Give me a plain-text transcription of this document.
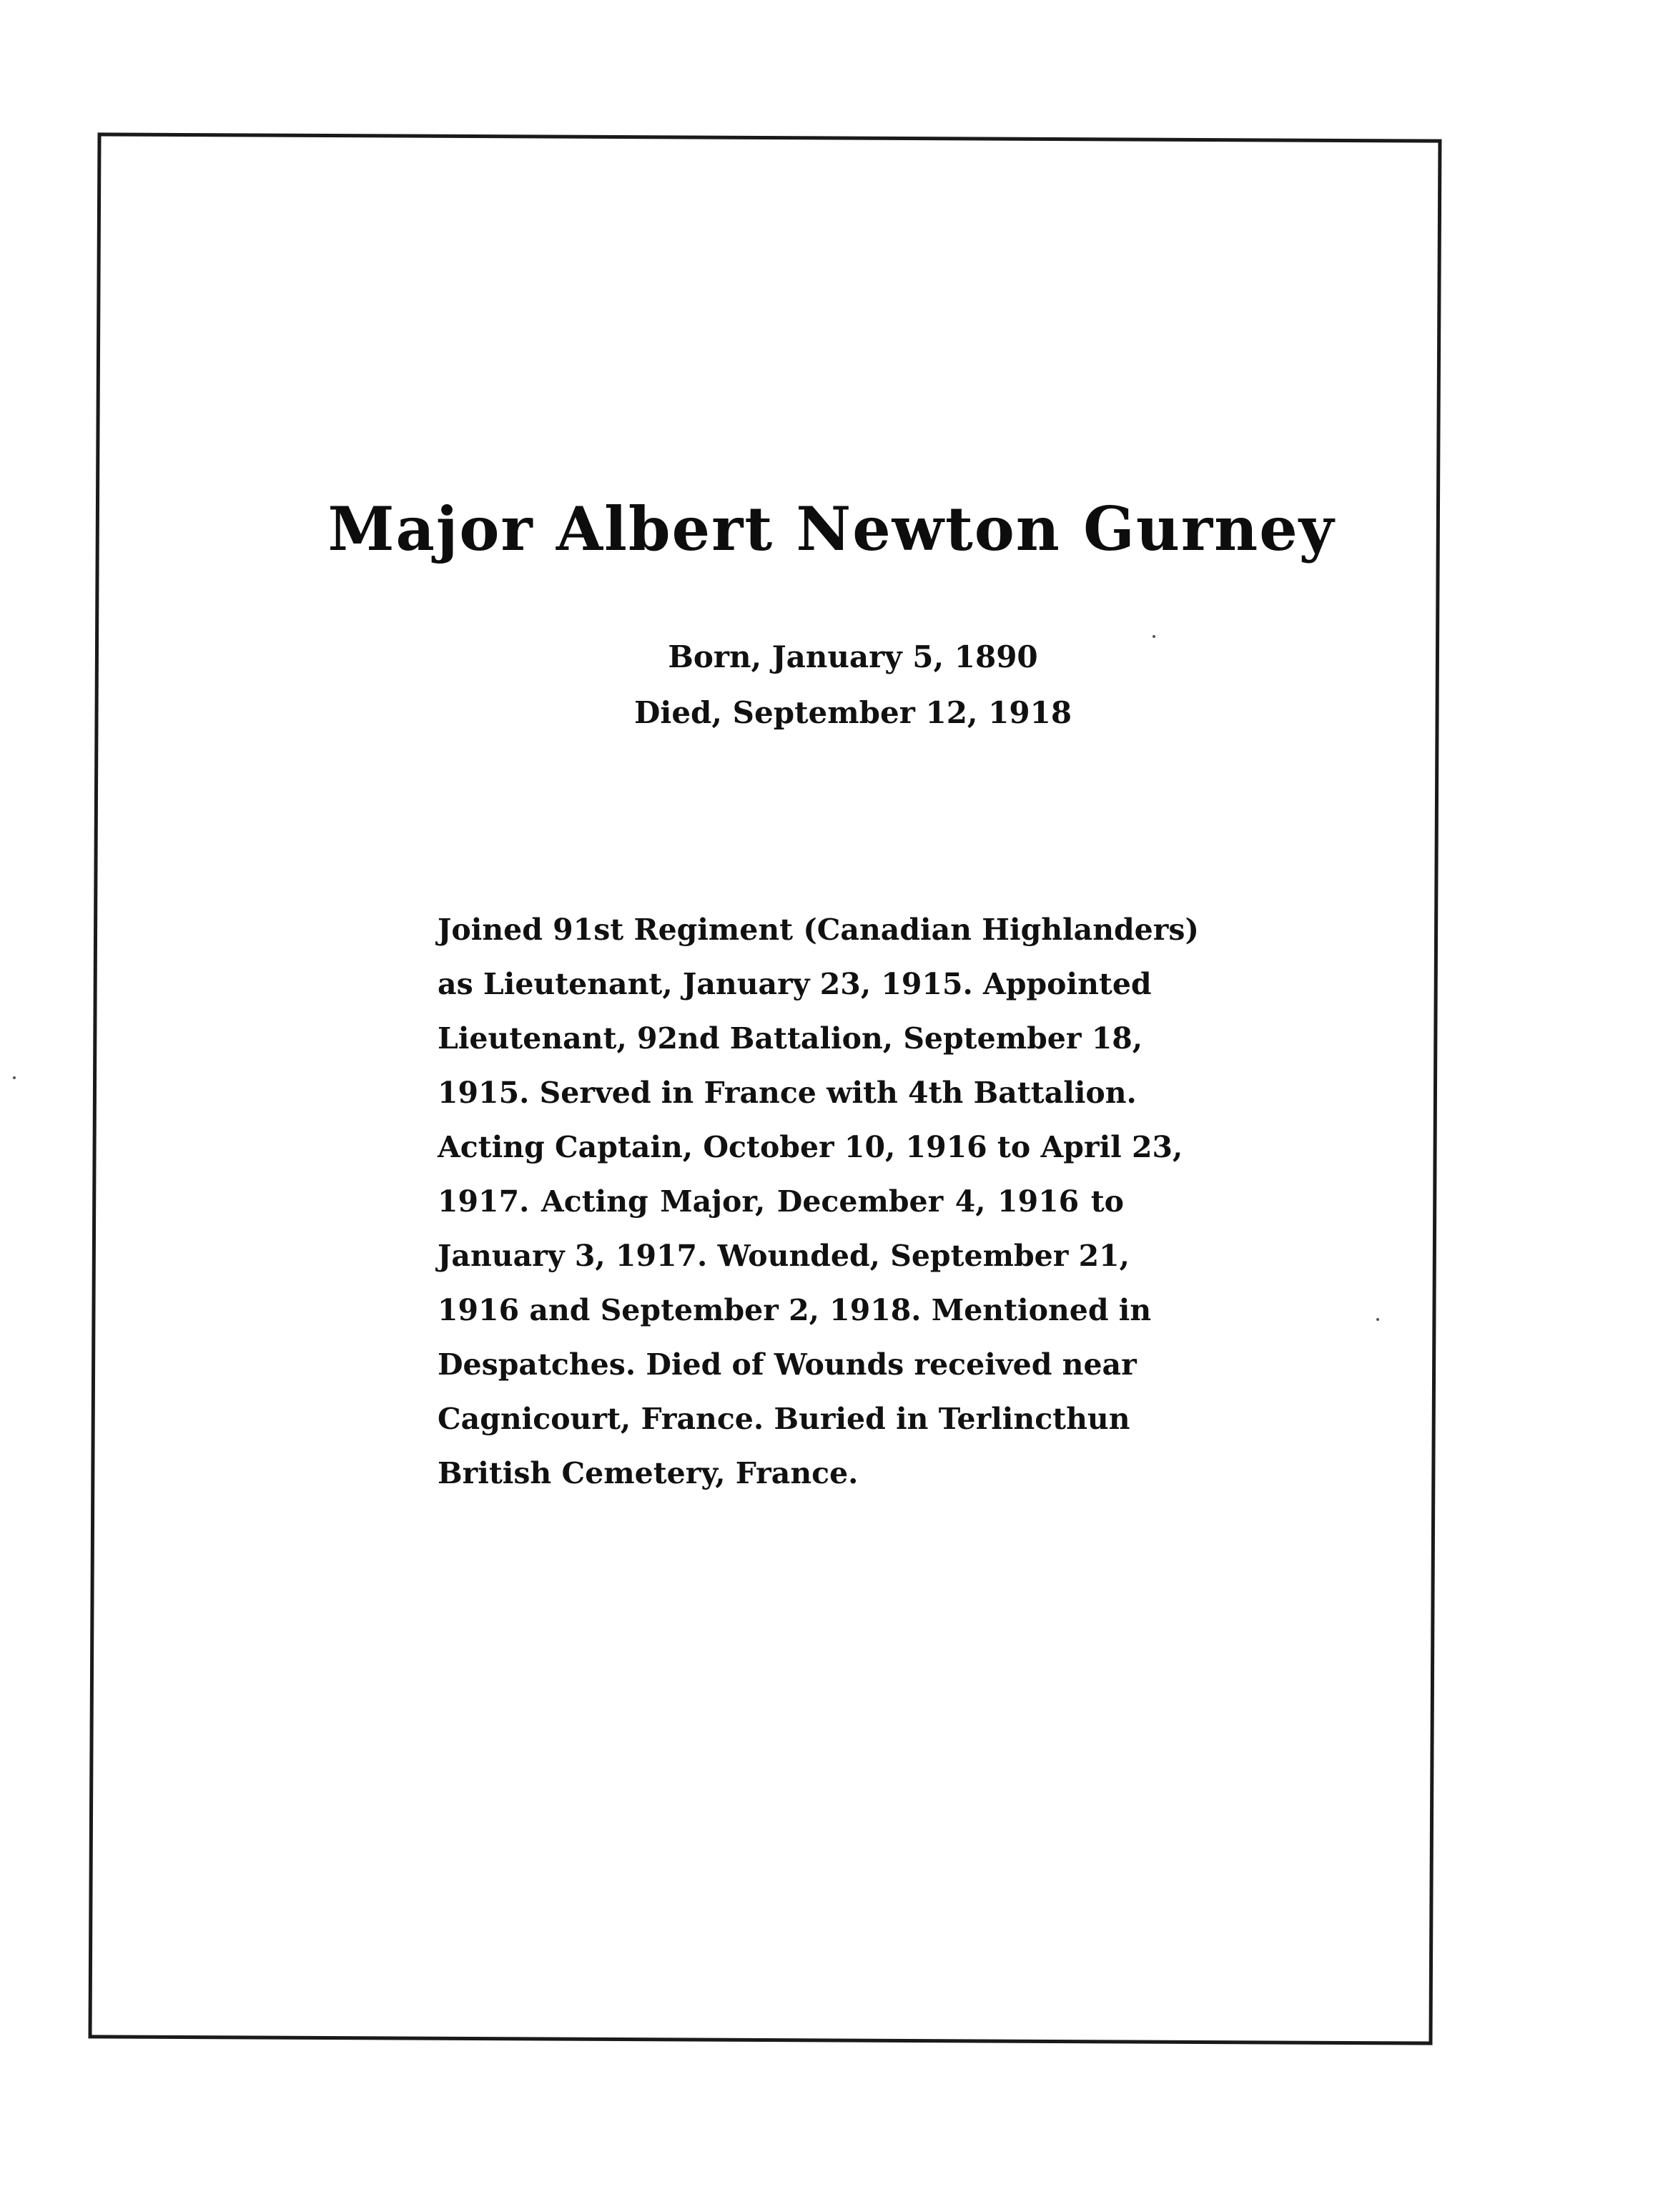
Major Albert Newton Gurney
Born, January 5, 1890
Died, September 12, 1918
Joined 91st Regiment (Canadian Highlanders)
as Lieutenant, January 23, 1915. Appointed
Lieutenant, 92nd Battalion, September 18,
1915. Served in France with 4th Battalion.
Acting Captain, October 10, 1916 to April 23,
1917. Acting Major, December 4, 1916 to
January 3, 1917. Wounded, September 21,
1916 and September 2, 1918. Mentioned in
Despatches. Died of Wounds received near
Cagnicourt, France. Buried in Terlincthun
British Cemetery, France.
